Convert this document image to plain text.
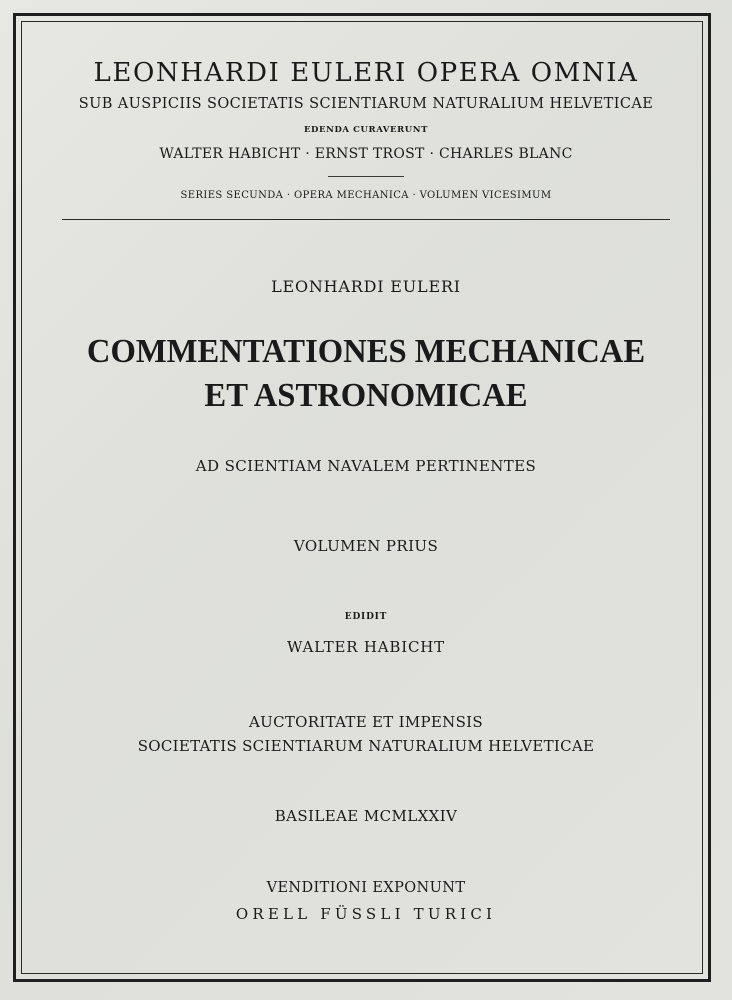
LEONHARDI EULERI OPERA OMNIA
SUB AUSPICIIS SOCIETATIS SCIENTIARUM NATURALIUM HELVETICAE
EDENDA CURAVERUNT
WALTER HABICHT · ERNST TROST · CHARLES BLANC
SERIES SECUNDA · OPERA MECHANICA · VOLUMEN VICESIMUM
LEONHARDI EULERI
COMMENTATIONES MECHANICAE
ET ASTRONOMICAE
AD SCIENTIAM NAVALEM PERTINENTES
VOLUMEN PRIUS
EDIDIT
WALTER HABICHT
AUCTORITATE ET IMPENSIS
SOCIETATIS SCIENTIARUM NATURALIUM HELVETICAE
BASILEAE MCMLXXIV
VENDITIONI EXPONUNT
ORELL FÜSSLI TURICI
